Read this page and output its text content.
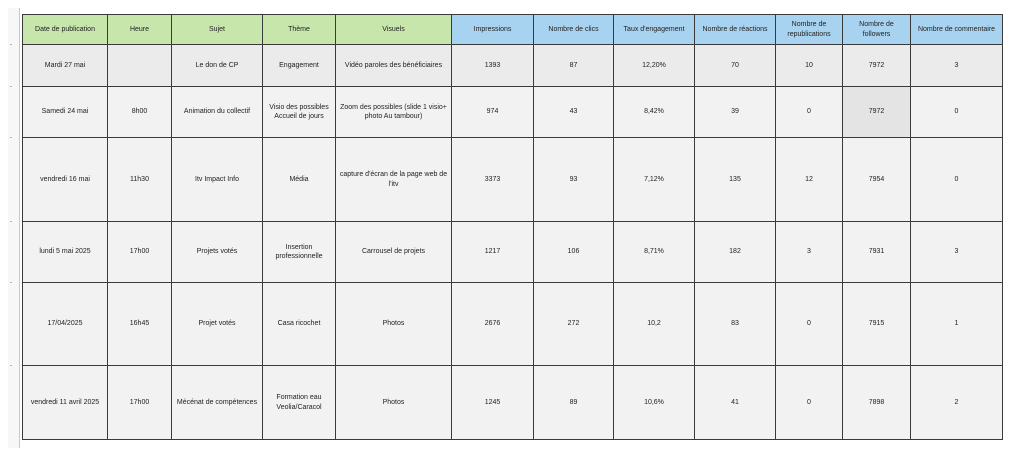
Date de publication	Heure	Sujet	Thème	Visuels	Impressions	Nombre de clics	Taux d'engagement	Nombre de réactions	Nombre de republications	Nombre de followers	Nombre de commentaire
Mardi 27 mai		Le don de CP	Engagement	Vidéo paroles des bénéficiaires	1393	87	12,20%	70	10	7972	3
Samedi 24 mai	8h00	Animation du collectif	Visio des possibles Accueil de jours	Zoom des possibles (slide 1 visio+ photo Au tambour)	974	43	8,42%	39	0	7972	0
vendredi 16 mai	11h30	Itv Impact Info	Média	capture d'écran de la page web de l'itv	3373	93	7,12%	135	12	7954	0
lundi 5 mai 2025	17h00	Projets votés	Insertion professionnelle	Carrousel de projets	1217	106	8,71%	182	3	7931	3
17/04/2025	16h45	Projet votés	Casa ricochet	Photos	2676	272	10,2	83	0	7915	1
vendredi 11 avril 2025	17h00	Mécénat de compétences	Formation eau Veolia/Caracol	Photos	1245	89	10,6%	41	0	7898	2
